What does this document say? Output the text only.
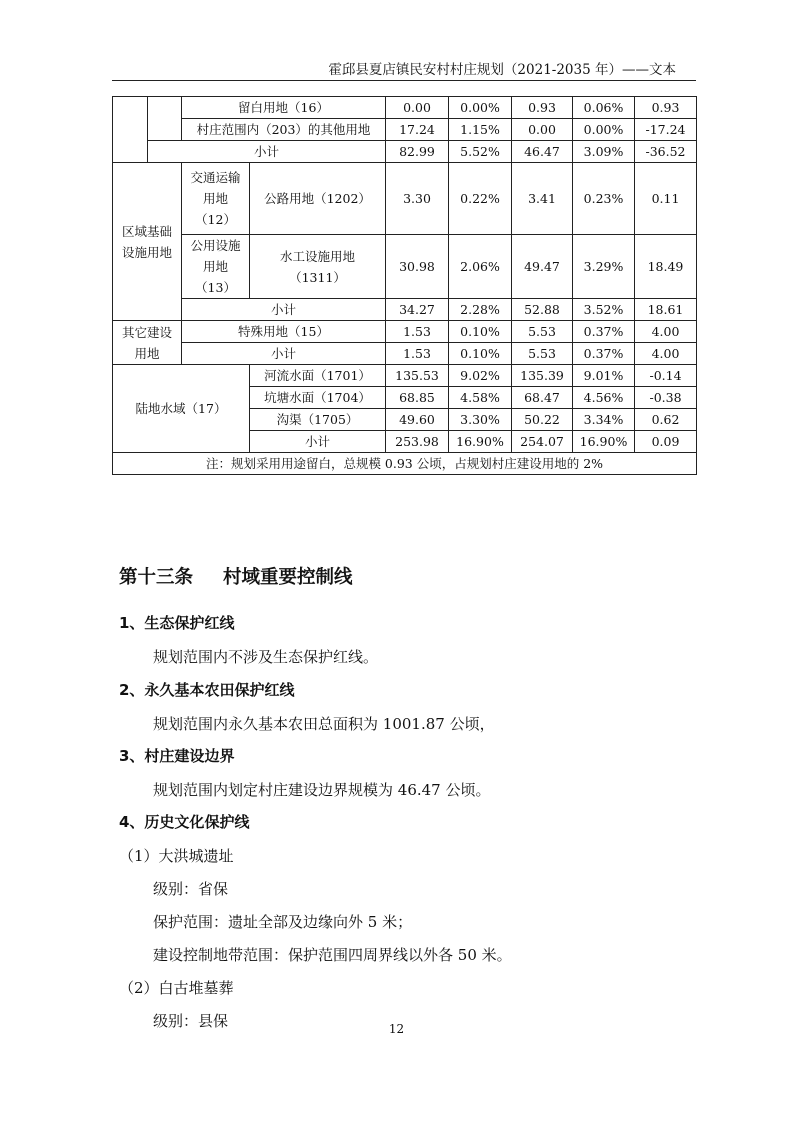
霍邱县夏店镇民安村村庄规划（2021-2035 年）——文本
		留白用地（16）		0.00	0.00%	0.93	0.06%	0.93
		村庄范围内（203）的其他用地		17.24	1.15%	0.00	0.00%	-17.24
	小计			82.99	5.52%	46.47	3.09%	-36.52
区域基础设施用地		交通运输用地（12）	公路用地（1202）	3.30	0.22%	3.41	0.23%	0.11
		公用设施用地（13）	水工设施用地（1311）	30.98	2.06%	49.47	3.29%	18.49
		小计		34.27	2.28%	52.88	3.52%	18.61
其它建设用地		特殊用地（15）		1.53	0.10%	5.53	0.37%	4.00
		小计		1.53	0.10%	5.53	0.37%	4.00
陆地水域（17）			河流水面（1701）	135.53	9.02%	135.39	9.01%	-0.14
			坑塘水面（1704）	68.85	4.58%	68.47	4.56%	-0.38
			沟渠（1705）	49.60	3.30%	50.22	3.34%	0.62
			小计	253.98	16.90%	254.07	16.90%	0.09
注：规划采用用途留白，总规模 0.93 公顷，占规划村庄建设用地的 2%								
第十三条 村域重要控制线
1、生态保护红线
规划范围内不涉及生态保护红线。
2、永久基本农田保护红线
规划范围内永久基本农田总面积为 1001.87 公顷，
3、村庄建设边界
规划范围内划定村庄建设边界规模为 46.47 公顷。
4、历史文化保护线
（1）大洪城遗址
级别：省保
保护范围：遗址全部及边缘向外 5 米；
建设控制地带范围：保护范围四周界线以外各 50 米。
（2）白古堆墓葬
级别：县保	12
